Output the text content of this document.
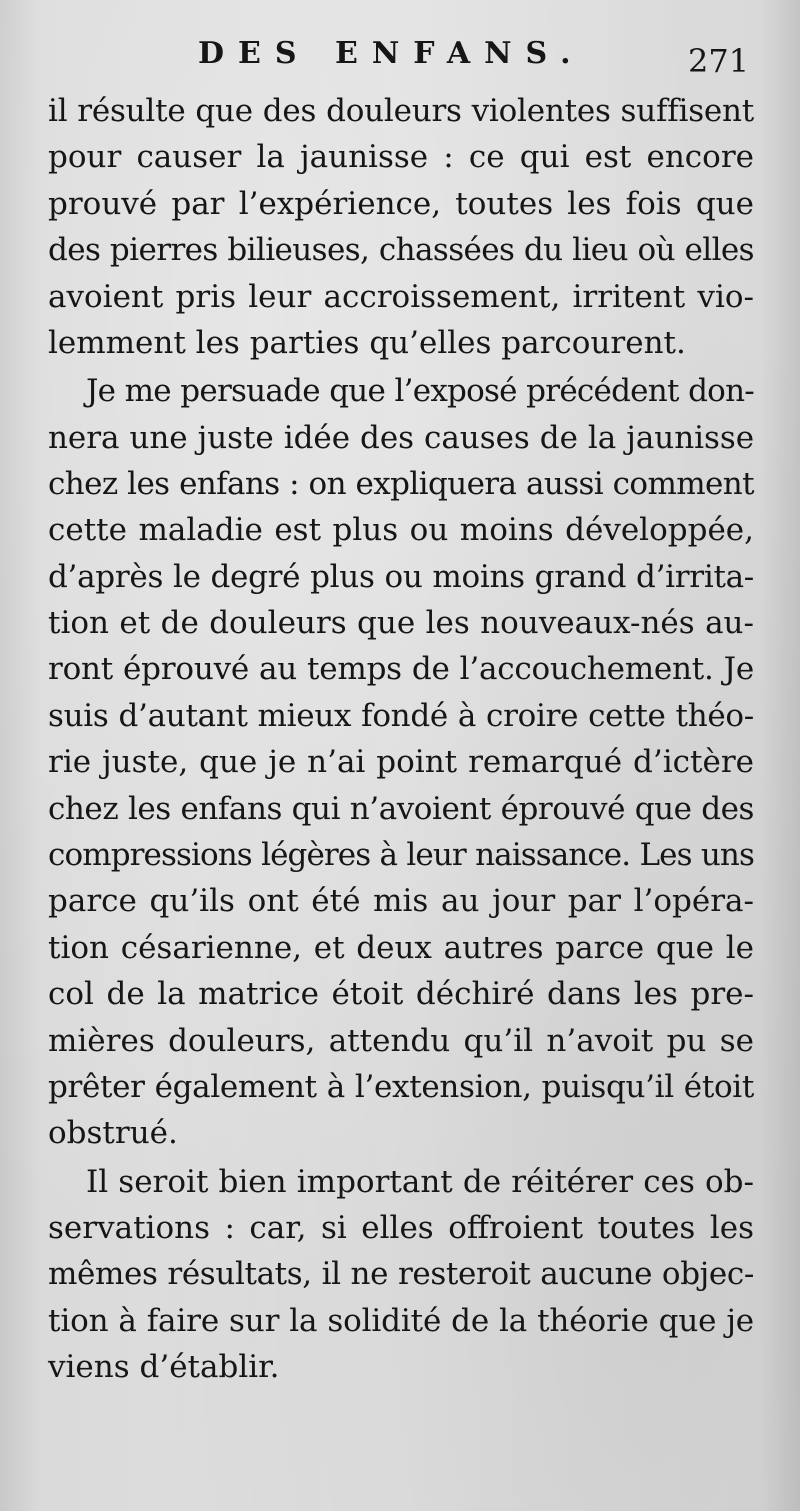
DES ENFANS.	271
il résulte que des douleurs violentes suffisent
pour causer la jaunisse : ce qui est encore
prouvé par l’expérience, toutes les fois que
des pierres bilieuses, chassées du lieu où elles
avoient pris leur accroissement, irritent vio-
lemment les parties qu’elles parcourent.
Je me persuade que l’exposé précédent don-
nera une juste idée des causes de la jaunisse
chez les enfans : on expliquera aussi comment
cette maladie est plus ou moins développée,
d’après le degré plus ou moins grand d’irrita-
tion et de douleurs que les nouveaux-nés au-
ront éprouvé au temps de l’accouchement. Je
suis d’autant mieux fondé à croire cette théo-
rie juste, que je n’ai point remarqué d’ictère
chez les enfans qui n’avoient éprouvé que des
compressions légères à leur naissance. Les uns
parce qu’ils ont été mis au jour par l’opéra-
tion césarienne, et deux autres parce que le
col de la matrice étoit déchiré dans les pre-
mières douleurs, attendu qu’il n’avoit pu se
prêter également à l’extension, puisqu’il étoit
obstrué.
Il seroit bien important de réitérer ces ob-
servations : car, si elles offroient toutes les
mêmes résultats, il ne resteroit aucune objec-
tion à faire sur la solidité de la théorie que je
viens d’établir.
